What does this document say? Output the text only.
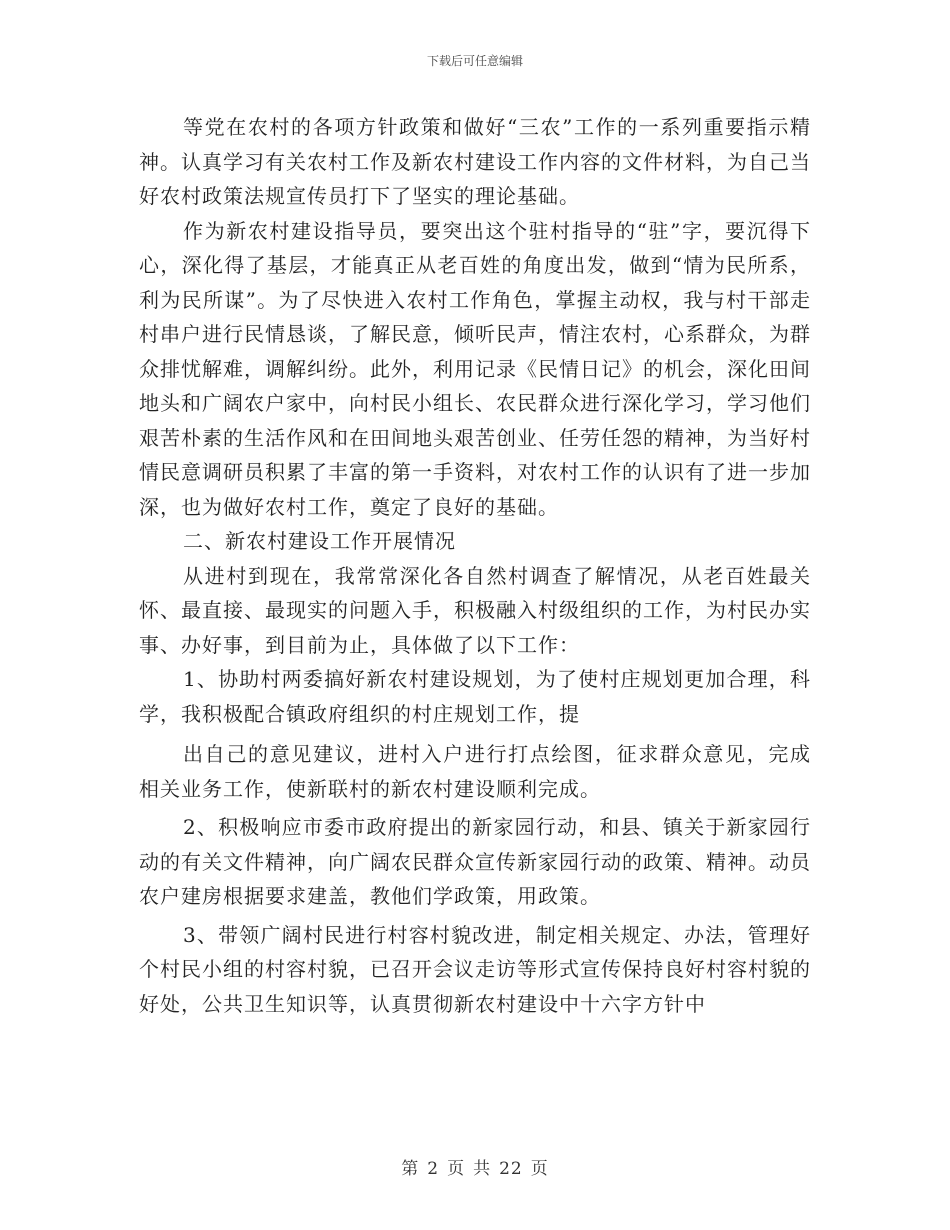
下载后可任意编辑

等党在农村的各项方针政策和做好“三农”工作的一系列重要指示精神。认真学习有关农村工作及新农村建设工作内容的文件材料，为自己当好农村政策法规宣传员打下了坚实的理论基础。

作为新农村建设指导员，要突出这个驻村指导的“驻”字，要沉得下心，深化得了基层，才能真正从老百姓的角度出发，做到“情为民所系，利为民所谋”。为了尽快进入农村工作角色，掌握主动权，我与村干部走村串户进行民情恳谈，了解民意，倾听民声，情注农村，心系群众，为群众排忧解难，调解纠纷。此外，利用记录《民情日记》的机会，深化田间地头和广阔农户家中，向村民小组长、农民群众进行深化学习，学习他们艰苦朴素的生活作风和在田间地头艰苦创业、任劳任怨的精神，为当好村情民意调研员积累了丰富的第一手资料，对农村工作的认识有了进一步加深，也为做好农村工作，奠定了良好的基础。

二、新农村建设工作开展情况

从进村到现在，我常常深化各自然村调查了解情况，从老百姓最关怀、最直接、最现实的问题入手，积极融入村级组织的工作，为村民办实事、办好事，到目前为止，具体做了以下工作：

1、协助村两委搞好新农村建设规划，为了使村庄规划更加合理，科学，我积极配合镇政府组织的村庄规划工作，提

出自己的意见建议，进村入户进行打点绘图，征求群众意见，完成相关业务工作，使新联村的新农村建设顺利完成。

2、积极响应市委市政府提出的新家园行动，和县、镇关于新家园行动的有关文件精神，向广阔农民群众宣传新家园行动的政策、精神。动员农户建房根据要求建盖，教他们学政策，用政策。

3、带领广阔村民进行村容村貌改进，制定相关规定、办法，管理好个村民小组的村容村貌，已召开会议走访等形式宣传保持良好村容村貌的好处，公共卫生知识等，认真贯彻新农村建设中十六字方针中

第 2 页 共 22 页
